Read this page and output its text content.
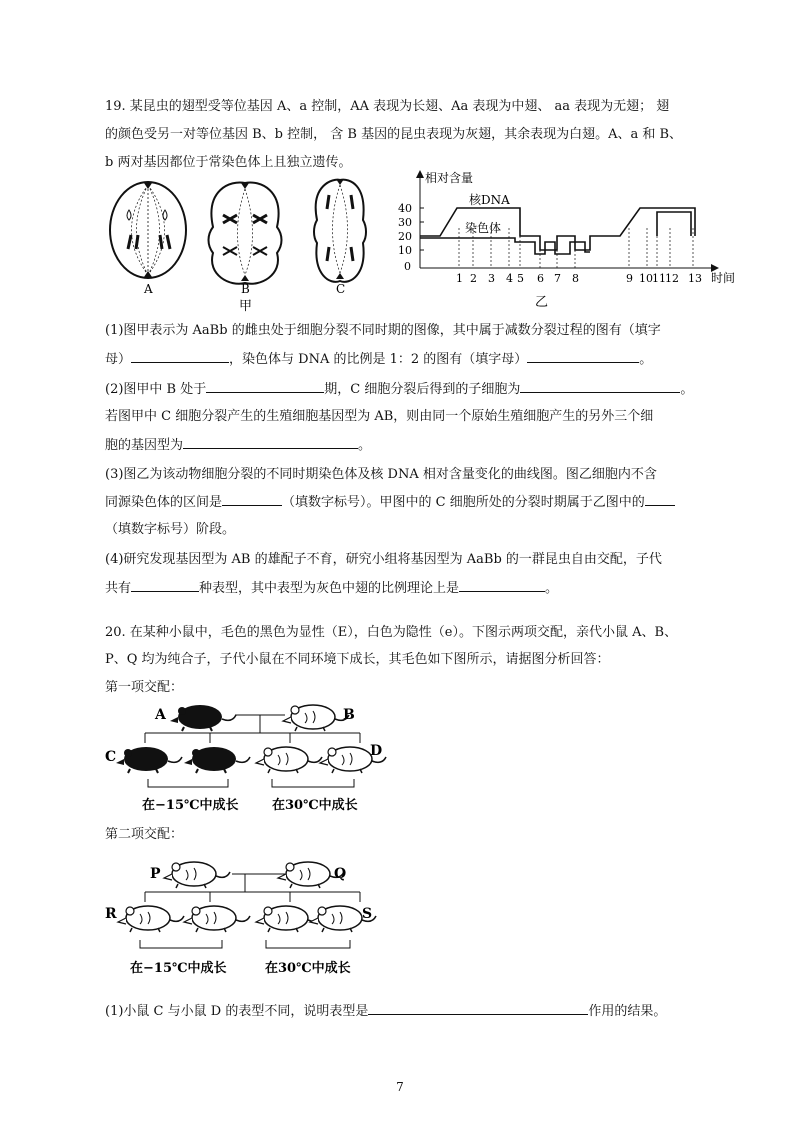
19. 某昆虫的翅型受等位基因 A、a 控制，AA 表现为长翅、Aa 表现为中翅、 aa 表现为无翅； 翅
的颜色受另一对等位基因 B、b 控制， 含 B 基因的昆虫表现为灰翅，其余表现为白翅。A、a 和 B、
b 两对基因都位于常染色体上且独立遗传。
A	B	C
甲
相对含量
40
30
20
10
0
核DNA
染色体
1 2 3 4 5 6 7 8	9 10 11 12 13 时间
乙
(1)图甲表示为 AaBb 的雌虫处于细胞分裂不同时期的图像，其中属于减数分裂过程的图有（填字
母）	，染色体与 DNA 的比例是 1：2 的图有（填字母）	。
(2)图甲中 B 处于	期，C 细胞分裂后得到的子细胞为	。
若图甲中 C 细胞分裂产生的生殖细胞基因型为 AB，则由同一个原始生殖细胞产生的另外三个细
胞的基因型为	。
(3)图乙为该动物细胞分裂的不同时期染色体及核 DNA 相对含量变化的曲线图。图乙细胞内不含
同源染色体的区间是	（填数字标号）。甲图中的 C 细胞所处的分裂时期属于乙图中的
（填数字标号）阶段。
(4)研究发现基因型为 AB 的雄配子不育，研究小组将基因型为 AaBb 的一群昆虫自由交配，子代
共有	种表型，其中表型为灰色中翅的比例理论上是	。
20. 在某种小鼠中，毛色的黑色为显性（E），白色为隐性（e）。下图示两项交配，亲代小鼠 A、B、
P、Q 均为纯合子，子代小鼠在不同环境下成长，其毛色如下图所示，请据图分析回答：
第一项交配：
A	B
C	D
在−15℃中成长	在30℃中成长
第二项交配：
P	Q
R	S
在−15℃中成长	在30℃中成长
(1)小鼠 C 与小鼠 D 的表型不同，说明表型是	作用的结果。
7
